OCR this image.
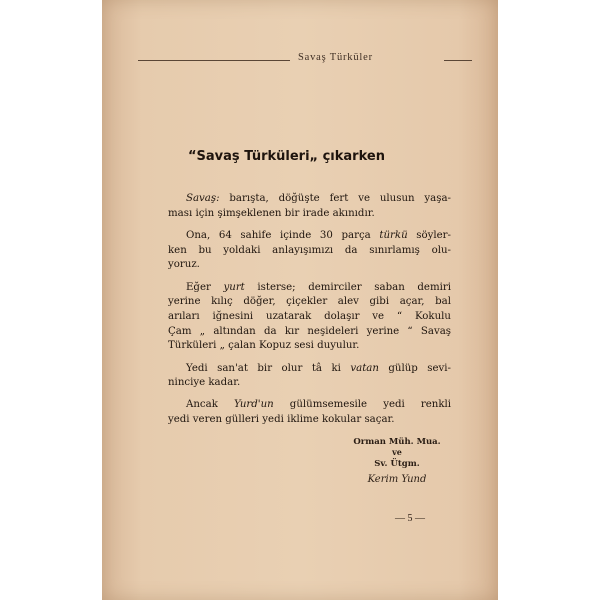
Savaş Türküler
“Savaş Türküleri„ çıkarken

Savaş: barışta, döğüşte fert ve ulusun yaşa-
ması için şimşeklenen bir irade akınıdır.

Ona, 64 sahife içinde 30 parça türkü söyler-
ken bu yoldaki anlayışımızı da sınırlamış olu-
yoruz.

Eğer yurt isterse; demirciler saban demiri
yerine kılıç döğer, çiçekler alev gibi açar, bal
arıları iğnesini uzatarak dolaşır ve “ Kokulu
Çam „ altından da kır neşideleri yerine “ Savaş
Türküleri „ çalan Kopuz sesi duyulur.

Yedi san'at bir olur tâ ki vatan gülüp sevi-
ninciye kadar.

Ancak Yurd'un gülümsemesile yedi renkli
yedi veren gülleri yedi iklime kokular saçar.

Orman Müh. Mua.
ve
Sv. Ütgm.
Kerim Yund
— 5 —
